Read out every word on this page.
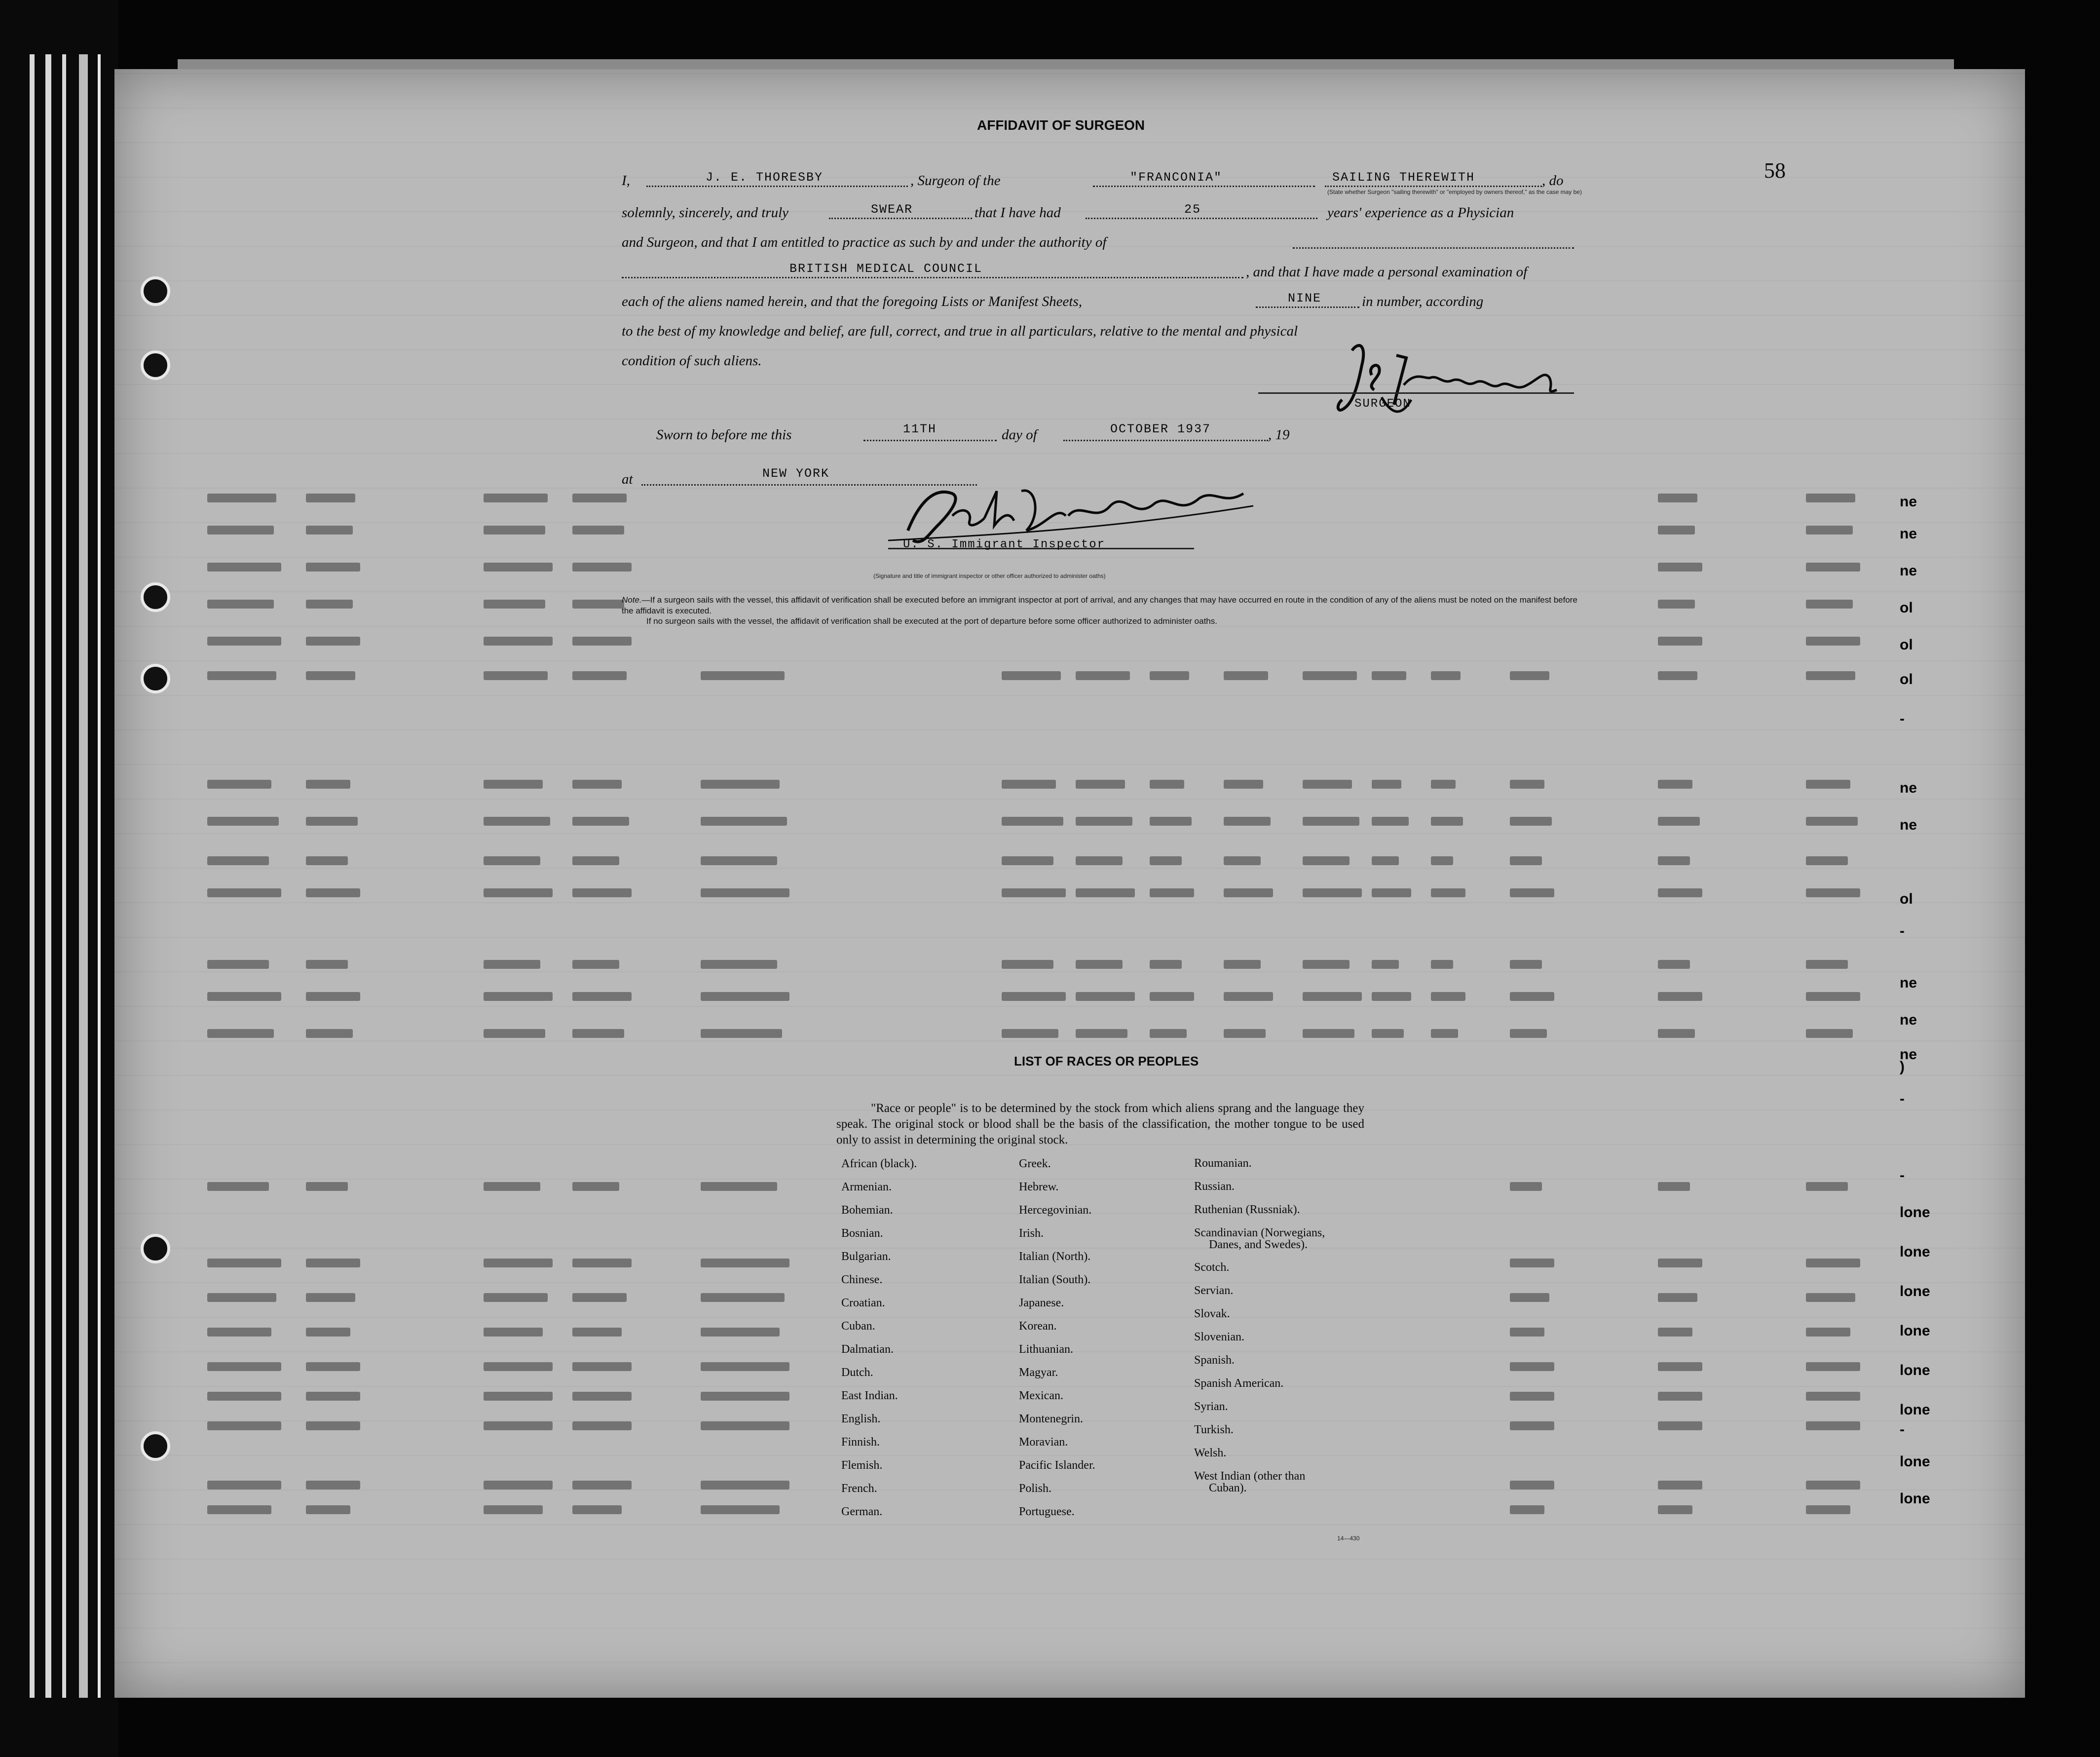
58
AFFIDAVIT OF SURGEON
I,	J. E. THORESBY	, Surgeon of the	"FRANCONIA"	SAILING THEREWITH	, do
(State whether Surgeon "sailing therewith" or "employed by owners thereof," as the case may be)
solemnly, sincerely, and truly	SWEAR	that I have had	25	years' experience as a Physician
and Surgeon, and that I am entitled to practice as such by and under the authority of
BRITISH MEDICAL COUNCIL	, and that I have made a personal examination of
each of the aliens named herein, and that the foregoing Lists or Manifest Sheets,	NINE	in number, according
to the best of my knowledge and belief, are full, correct, and true in all particulars, relative to the mental and physical
condition of such aliens.
SURGEON
Sworn to before me this	11TH	day of	OCTOBER 1937	, 19
at	NEW YORK
U. S. Immigrant Inspector
(Signature and title of immigrant inspector or other officer authorized to administer oaths)
Note.—If a surgeon sails with the vessel, this affidavit of verification shall be executed before an immigrant inspector at port of arrival, and any changes that may have occurred en route in the condition of any of the aliens must be noted on the manifest before the affidavit is executed.
If no surgeon sails with the vessel, the affidavit of verification shall be executed at the port of departure before some officer authorized to administer oaths.
LIST OF RACES OR PEOPLES
"Race or people" is to be determined by the stock from which aliens sprang and the language they speak. The original stock or blood shall be the basis of the classification, the mother tongue to be used only to assist in determining the original stock.
African (black).
Armenian.
Bohemian.
Bosnian.
Bulgarian.
Chinese.
Croatian.
Cuban.
Dalmatian.
Dutch.
East Indian.
English.
Finnish.
Flemish.
French.
German.
Greek.
Hebrew.
Hercegovinian.
Irish.
Italian (North).
Italian (South).
Japanese.
Korean.
Lithuanian.
Magyar.
Mexican.
Montenegrin.
Moravian.
Pacific Islander.
Polish.
Portuguese.
Roumanian.
Russian.
Ruthenian (Russniak).
Scandinavian (Norwegians,
Danes, and Swedes).
Scotch.
Servian.
Slovak.
Slovenian.
Spanish.
Spanish American.
Syrian.
Turkish.
Welsh.
West Indian (other than
Cuban).
14—430
ne
ne
ne
ol
ol
ol
-
ne
ne
ol
-
ne
ne
ne
)
-
-
lone
lone
lone
lone
lone
lone
-
lone
lone
